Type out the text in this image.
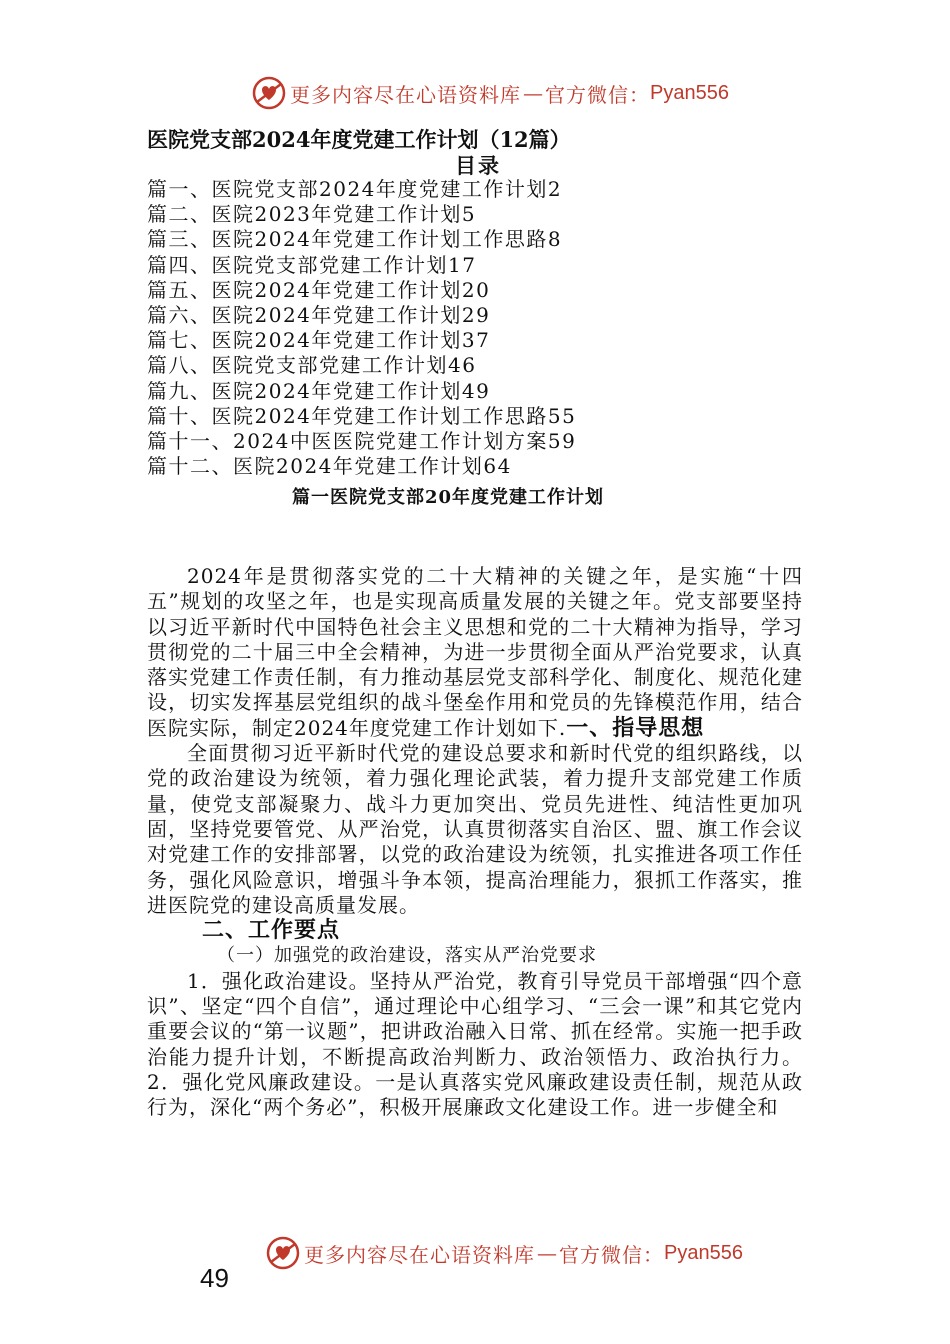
更多内容尽在心语资料库 — 官方微信： Pyan556
医院党支部2024年度党建工作计划（12篇）
目录
篇一、医院党支部2024年度党建工作计划2
篇二、医院2023年党建工作计划5
篇三、医院2024年党建工作计划工作思路8
篇四、医院党支部党建工作计划17
篇五、医院2024年党建工作计划20
篇六、医院2024年党建工作计划29
篇七、医院2024年党建工作计划37
篇八、医院党支部党建工作计划46
篇九、医院2024年党建工作计划49
篇十、医院2024年党建工作计划工作思路55
篇十一、2024中医医院党建工作计划方案59
篇十二、医院2024年党建工作计划64
篇一医院党支部20年度党建工作计划

2024年是贯彻落实党的二十大精神的关键之年，是实施“十四五”规划的攻坚之年，也是实现高质量发展的关键之年。党支部要坚持以习近平新时代中国特色社会主义思想和党的二十大精神为指导，学习贯彻党的二十届三中全会精神，为进一步贯彻全面从严治党要求，认真落实党建工作责任制，有力推动基层党支部科学化、制度化、规范化建设，切实发挥基层党组织的战斗堡垒作用和党员的先锋模范作用，结合医院实际，制定2024年度党建工作计划如下.一、指导思想

全面贯彻习近平新时代党的建设总要求和新时代党的组织路线，以党的政治建设为统领，着力强化理论武装，着力提升支部党建工作质量，使党支部凝聚力、战斗力更加突出、党员先进性、纯洁性更加巩固，坚持党要管党、从严治党，认真贯彻落实自治区、盟、旗工作会议对党建工作的安排部署，以党的政治建设为统领，扎实推进各项工作任务，强化风险意识，增强斗争本领，提高治理能力，狠抓工作落实，推进医院党的建设高质量发展。

二、工作要点

（一）加强党的政治建设，落实从严治党要求

1．强化政治建设。坚持从严治党，教育引导党员干部增强“四个意识”、坚定“四个自信”，通过理论中心组学习、“三会一课”和其它党内重要会议的“第一议题”，把讲政治融入日常、抓在经常。实施一把手政治能力提升计划，不断提高政治判断力、政治领悟力、政治执行力。2．强化党风廉政建设。一是认真落实党风廉政建设责任制，规范从政行为，深化“两个务必”，积极开展廉政文化建设工作。进一步健全和

49

更多内容尽在心语资料库 — 官方微信： Pyan556
